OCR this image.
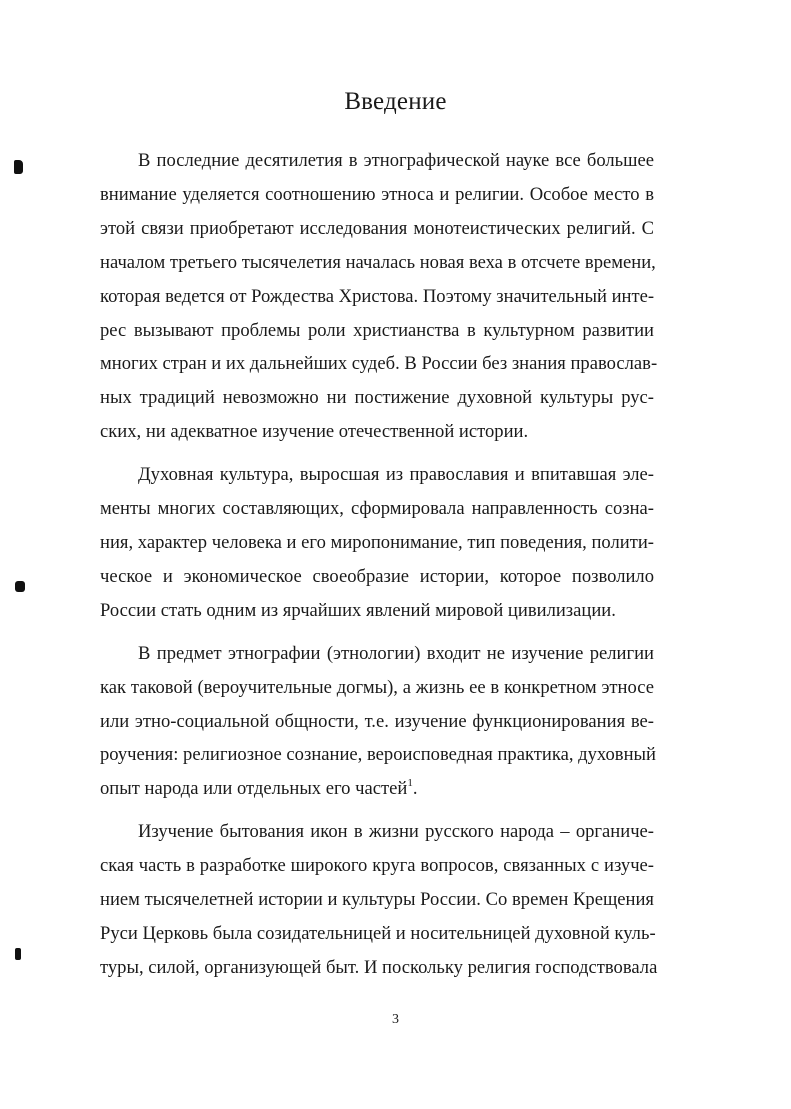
Введение

В последние десятилетия в этнографической науке все большее
внимание уделяется соотношению этноса и религии. Особое место в
этой связи приобретают исследования монотеистических религий. С
началом третьего тысячелетия началась новая веха в отсчете времени,
которая ведется от Рождества Христова. Поэтому значительный инте-
рес вызывают проблемы роли христианства в культурном развитии
многих стран и их дальнейших судеб. В России без знания православ-
ных традиций невозможно ни постижение духовной культуры рус-
ских, ни адекватное изучение отечественной истории.

Духовная культура, выросшая из православия и впитавшая эле-
менты многих составляющих, сформировала направленность созна-
ния, характер человека и его миропонимание, тип поведения, полити-
ческое и экономическое своеобразие истории, которое позволило
России стать одним из ярчайших явлений мировой цивилизации.

В предмет этнографии (этнологии) входит не изучение религии
как таковой (вероучительные догмы), а жизнь ее в конкретном этносе
или этно-социальной общности, т.е. изучение функционирования ве-
роучения: религиозное сознание, вероисповедная практика, духовный
опыт народа или отдельных его частей$^1$.

Изучение бытования икон в жизни русского народа – органиче-
ская часть в разработке широкого круга вопросов, связанных с изуче-
нием тысячелетней истории и культуры России. Со времен Крещения
Руси Церковь была созидательницей и носительницей духовной куль-
туры, силой, организующей быт. И поскольку религия господствовала

3
